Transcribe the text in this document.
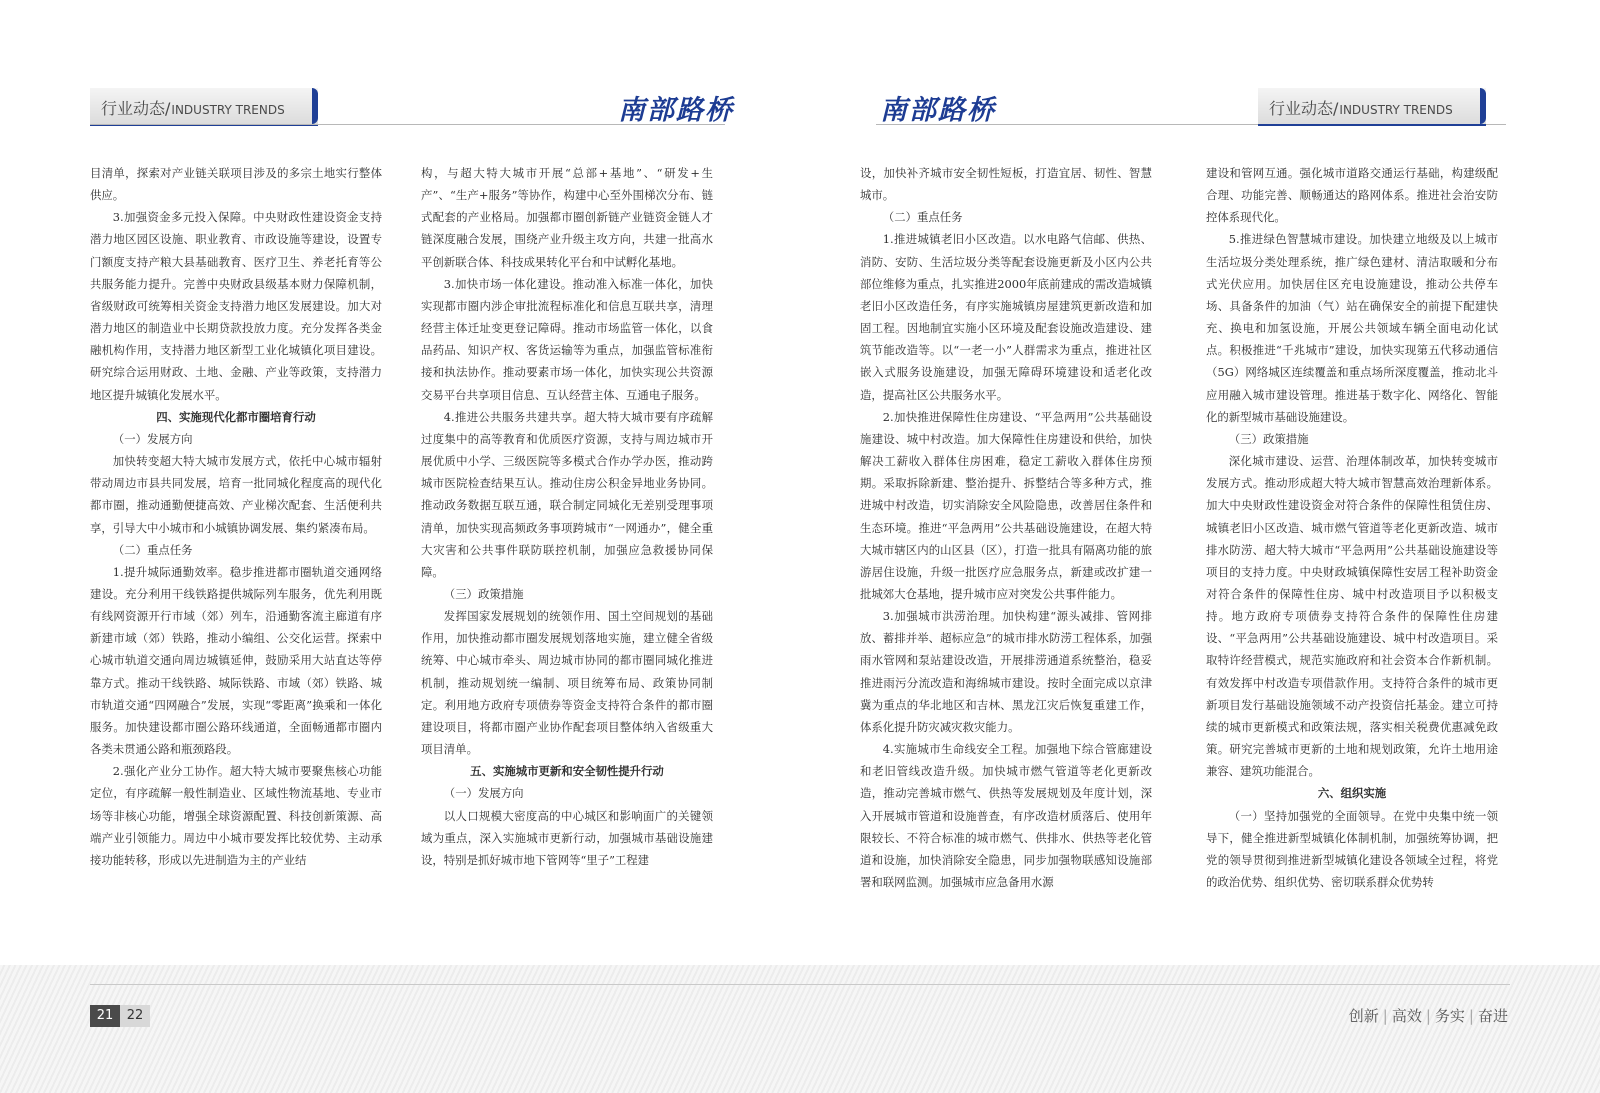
行业动态/INDUSTRY TRENDS	南部路桥

目清单，探索对产业链关联项目涉及的多宗土地实行整体供应。

3.加强资金多元投入保障。中央财政性建设资金支持潜力地区园区设施、职业教育、市政设施等建设，设置专门额度支持产粮大县基础教育、医疗卫生、养老托育等公共服务能力提升。完善中央财政县级基本财力保障机制，省级财政可统筹相关资金支持潜力地区发展建设。加大对潜力地区的制造业中长期贷款投放力度。充分发挥各类金融机构作用，支持潜力地区新型工业化城镇化项目建设。研究综合运用财政、土地、金融、产业等政策，支持潜力地区提升城镇化发展水平。

四、实施现代化都市圈培育行动

（一）发展方向

加快转变超大特大城市发展方式，依托中心城市辐射带动周边市县共同发展，培育一批同城化程度高的现代化都市圈，推动通勤便捷高效、产业梯次配套、生活便利共享，引导大中小城市和小城镇协调发展、集约紧凑布局。

（二）重点任务

1.提升城际通勤效率。稳步推进都市圈轨道交通网络建设。充分利用干线铁路提供城际列车服务，优先利用既有线网资源开行市域（郊）列车，沿通勤客流主廊道有序新建市域（郊）铁路，推动小编组、公交化运营。探索中心城市轨道交通向周边城镇延伸，鼓励采用大站直达等停靠方式。推动干线铁路、城际铁路、市域（郊）铁路、城市轨道交通“四网融合”发展，实现“零距离”换乘和一体化服务。加快建设都市圈公路环线通道，全面畅通都市圈内各类未贯通公路和瓶颈路段。

2.强化产业分工协作。超大特大城市要聚焦核心功能定位，有序疏解一般性制造业、区域性物流基地、专业市场等非核心功能，增强全球资源配置、科技创新策源、高端产业引领能力。周边中小城市要发挥比较优势、主动承接功能转移，形成以先进制造为主的产业结

构，与超大特大城市开展“总部+基地”、“研发+生产”、“生产+服务”等协作，构建中心至外围梯次分布、链式配套的产业格局。加强都市圈创新链产业链资金链人才链深度融合发展，围绕产业升级主攻方向，共建一批高水平创新联合体、科技成果转化平台和中试孵化基地。

3.加快市场一体化建设。推动准入标准一体化，加快实现都市圈内涉企审批流程标准化和信息互联共享，清理经营主体迁址变更登记障碍。推动市场监管一体化，以食品药品、知识产权、客货运输等为重点，加强监管标准衔接和执法协作。推动要素市场一体化，加快实现公共资源交易平台共享项目信息、互认经营主体、互通电子服务。

4.推进公共服务共建共享。超大特大城市要有序疏解过度集中的高等教育和优质医疗资源，支持与周边城市开展优质中小学、三级医院等多模式合作办学办医，推动跨城市医院检查结果互认。推动住房公积金异地业务协同。推动政务数据互联互通，联合制定同城化无差别受理事项清单，加快实现高频政务事项跨城市“一网通办”，健全重大灾害和公共事件联防联控机制，加强应急救援协同保障。

（三）政策措施

发挥国家发展规划的统领作用、国土空间规划的基础作用，加快推动都市圈发展规划落地实施，建立健全省级统筹、中心城市牵头、周边城市协同的都市圈同城化推进机制，推动规划统一编制、项目统筹布局、政策协同制定。利用地方政府专项债券等资金支持符合条件的都市圈建设项目，将都市圈产业协作配套项目整体纳入省级重大项目清单。

五、实施城市更新和安全韧性提升行动

（一）发展方向

以人口规模大密度高的中心城区和影响面广的关键领域为重点，深入实施城市更新行动，加强城市基础设施建设，特别是抓好城市地下管网等“里子”工程建

南部路桥	行业动态/INDUSTRY TRENDS

设，加快补齐城市安全韧性短板，打造宜居、韧性、智慧城市。

（二）重点任务

1.推进城镇老旧小区改造。以水电路气信邮、供热、消防、安防、生活垃圾分类等配套设施更新及小区内公共部位维修为重点，扎实推进2000年底前建成的需改造城镇老旧小区改造任务，有序实施城镇房屋建筑更新改造和加固工程。因地制宜实施小区环境及配套设施改造建设、建筑节能改造等。以“一老一小”人群需求为重点，推进社区嵌入式服务设施建设，加强无障碍环境建设和适老化改造，提高社区公共服务水平。

2.加快推进保障性住房建设、“平急两用”公共基础设施建设、城中村改造。加大保障性住房建设和供给，加快解决工薪收入群体住房困难，稳定工薪收入群体住房预期。采取拆除新建、整治提升、拆整结合等多种方式，推进城中村改造，切实消除安全风险隐患，改善居住条件和生态环境。推进“平急两用”公共基础设施建设，在超大特大城市辖区内的山区县（区），打造一批具有隔离功能的旅游居住设施，升级一批医疗应急服务点，新建或改扩建一批城郊大仓基地，提升城市应对突发公共事件能力。

3.加强城市洪涝治理。加快构建“源头减排、管网排放、蓄排并举、超标应急”的城市排水防涝工程体系，加强雨水管网和泵站建设改造，开展排涝通道系统整治，稳妥推进雨污分流改造和海绵城市建设。按时全面完成以京津冀为重点的华北地区和吉林、黑龙江灾后恢复重建工作，体系化提升防灾减灾救灾能力。

4.实施城市生命线安全工程。加强地下综合管廊建设和老旧管线改造升级。加快城市燃气管道等老化更新改造，推动完善城市燃气、供热等发展规划及年度计划，深入开展城市管道和设施普查，有序改造材质落后、使用年限较长、不符合标准的城市燃气、供排水、供热等老化管道和设施，加快消除安全隐患，同步加强物联感知设施部署和联网监测。加强城市应急备用水源

建设和管网互通。强化城市道路交通运行基础，构建级配合理、功能完善、顺畅通达的路网体系。推进社会治安防控体系现代化。

5.推进绿色智慧城市建设。加快建立地级及以上城市生活垃圾分类处理系统，推广绿色建材、清洁取暖和分布式光伏应用。加快居住区充电设施建设，推动公共停车场、具备条件的加油（气）站在确保安全的前提下配建快充、换电和加氢设施，开展公共领域车辆全面电动化试点。积极推进“千兆城市”建设，加快实现第五代移动通信（5G）网络城区连续覆盖和重点场所深度覆盖，推动北斗应用融入城市建设管理。推进基于数字化、网络化、智能化的新型城市基础设施建设。

（三）政策措施

深化城市建设、运营、治理体制改革，加快转变城市发展方式。推动形成超大特大城市智慧高效治理新体系。加大中央财政性建设资金对符合条件的保障性租赁住房、城镇老旧小区改造、城市燃气管道等老化更新改造、城市排水防涝、超大特大城市“平急两用”公共基础设施建设等项目的支持力度。中央财政城镇保障性安居工程补助资金对符合条件的保障性住房、城中村改造项目予以积极支持。地方政府专项债券支持符合条件的保障性住房建设、“平急两用”公共基础设施建设、城中村改造项目。采取特许经营模式，规范实施政府和社会资本合作新机制。有效发挥中村改造专项借款作用。支持符合条件的城市更新项目发行基础设施领域不动产投资信托基金。建立可持续的城市更新模式和政策法规，落实相关税费优惠减免政策。研究完善城市更新的土地和规划政策，允许土地用途兼容、建筑功能混合。

六、组织实施

（一）坚持加强党的全面领导。在党中央集中统一领导下，健全推进新型城镇化体制机制，加强统筹协调，把党的领导贯彻到推进新型城镇化建设各领域全过程，将党的政治优势、组织优势、密切联系群众优势转

21	22	创新 | 高效 | 务实 | 奋进
